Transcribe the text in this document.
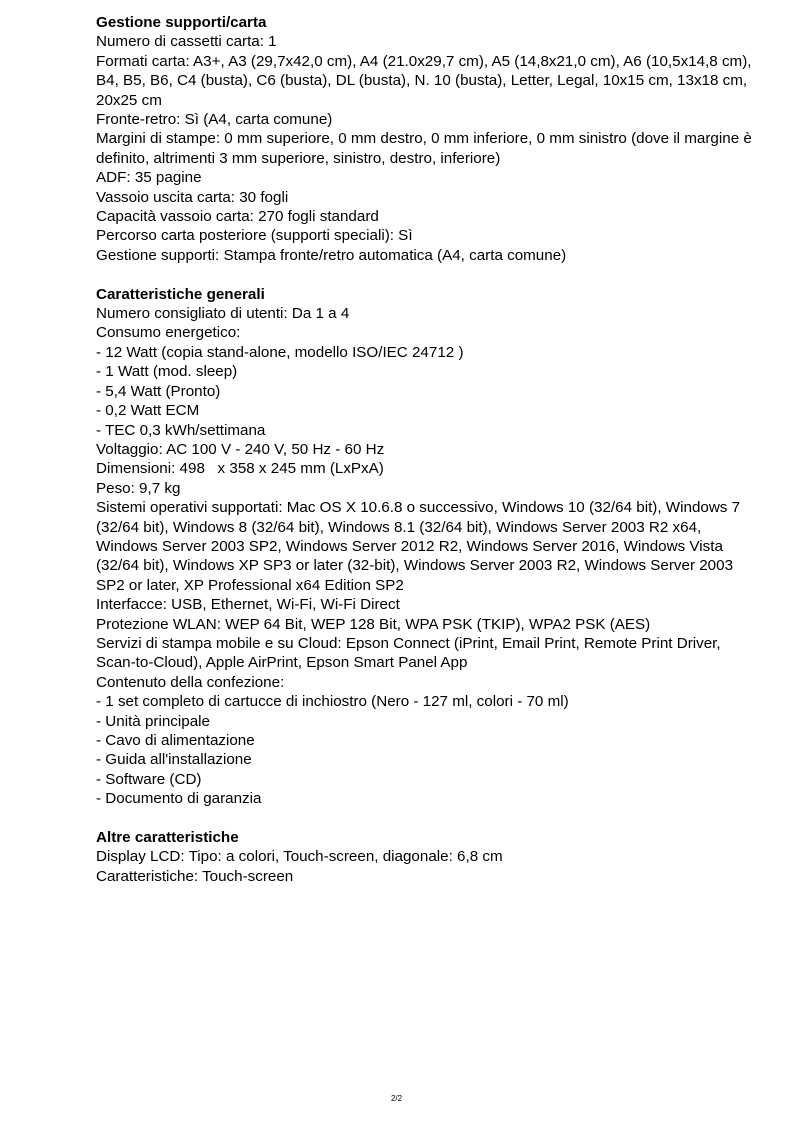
Gestione supporti/carta
Numero di cassetti carta: 1
Formati carta: A3+, A3 (29,7x42,0 cm), A4 (21.0x29,7 cm), A5 (14,8x21,0 cm), A6 (10,5x14,8 cm), B4, B5, B6, C4 (busta), C6 (busta), DL (busta), N. 10 (busta), Letter, Legal, 10x15 cm, 13x18 cm, 20x25 cm
Fronte-retro: Sì (A4, carta comune)
Margini di stampe: 0 mm superiore, 0 mm destro, 0 mm inferiore, 0 mm sinistro (dove il margine è definito, altrimenti 3 mm superiore, sinistro, destro, inferiore)
ADF: 35 pagine
Vassoio uscita carta: 30 fogli
Capacità vassoio carta: 270 fogli standard
Percorso carta posteriore (supporti speciali): Sì
Gestione supporti: Stampa fronte/retro automatica (A4, carta comune)
Caratteristiche generali
Numero consigliato di utenti: Da 1 a 4
Consumo energetico:
- 12 Watt (copia stand-alone, modello ISO/IEC 24712 )
- 1 Watt (mod. sleep)
- 5,4 Watt (Pronto)
- 0,2 Watt ECM
- TEC 0,3 kWh/settimana
Voltaggio: AC 100 V - 240 V, 50 Hz - 60 Hz
Dimensioni: 498   x 358 x 245 mm (LxPxA)
Peso: 9,7 kg
Sistemi operativi supportati: Mac OS X 10.6.8 o successivo, Windows 10 (32/64 bit), Windows 7 (32/64 bit), Windows 8 (32/64 bit), Windows 8.1 (32/64 bit), Windows Server 2003 R2 x64, Windows Server 2003 SP2, Windows Server 2012 R2, Windows Server 2016, Windows Vista (32/64 bit), Windows XP SP3 or later (32-bit), Windows Server 2003 R2, Windows Server 2003 SP2 or later, XP Professional x64 Edition SP2
Interfacce: USB, Ethernet, Wi-Fi, Wi-Fi Direct
Protezione WLAN: WEP 64 Bit, WEP 128 Bit, WPA PSK (TKIP), WPA2 PSK (AES)
Servizi di stampa mobile e su Cloud: Epson Connect (iPrint, Email Print, Remote Print Driver, Scan-to-Cloud), Apple AirPrint, Epson Smart Panel App
Contenuto della confezione:
- 1 set completo di cartucce di inchiostro (Nero - 127 ml, colori - 70 ml)
- Unità principale
- Cavo di alimentazione
- Guida all'installazione
- Software (CD)
- Documento di garanzia
Altre caratteristiche
Display LCD: Tipo: a colori, Touch-screen, diagonale: 6,8 cm
Caratteristiche: Touch-screen
2/2
